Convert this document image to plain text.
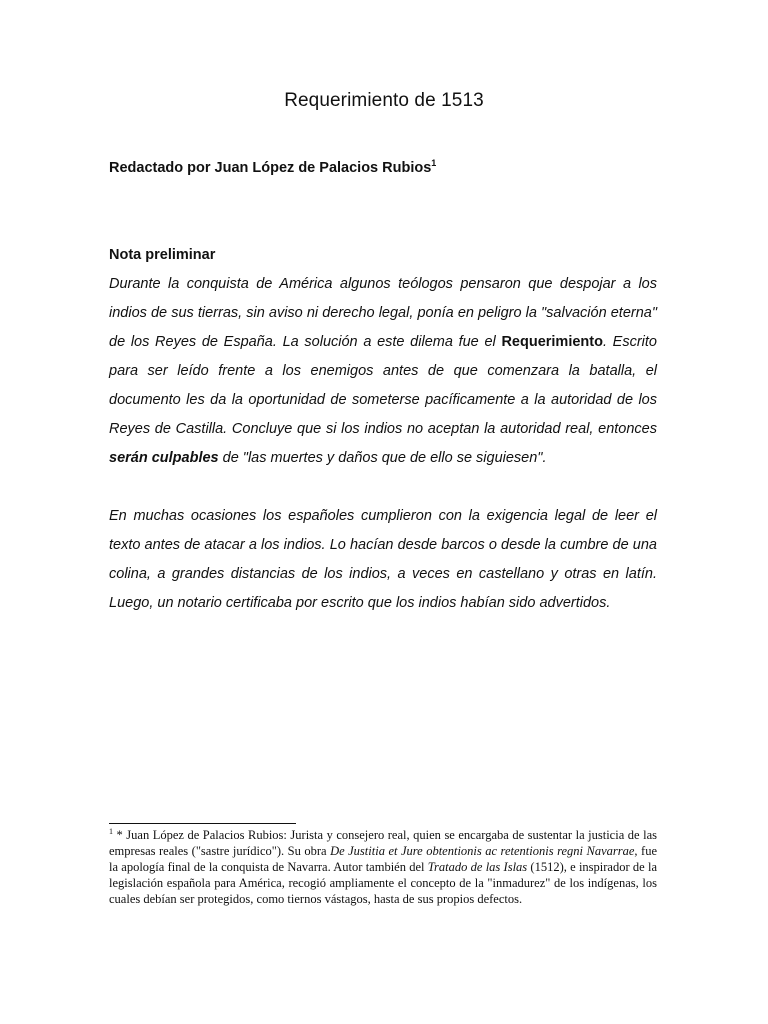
Requerimiento de 1513
Redactado por Juan López de Palacios Rubios$^1$
Nota preliminar

Durante la conquista de América algunos teólogos pensaron que despojar a los indios de sus tierras, sin aviso ni derecho legal, ponía en peligro la "salvación eterna" de los Reyes de España. La solución a este dilema fue el Requerimiento. Escrito para ser leído frente a los enemigos antes de que comenzara la batalla, el documento les da la oportunidad de someterse pacíficamente a la autoridad de los Reyes de Castilla. Concluye que si los indios no aceptan la autoridad real, entonces serán culpables de "las muertes y daños que de ello se siguiesen".

En muchas ocasiones los españoles cumplieron con la exigencia legal de leer el texto antes de atacar a los indios. Lo hacían desde barcos o desde la cumbre de una colina, a grandes distancias de los indios, a veces en castellano y otras en latín. Luego, un notario certificaba por escrito que los indios habían sido advertidos.

$^1$ * Juan López de Palacios Rubios: Jurista y consejero real, quien se encargaba de sustentar la justicia de las empresas reales ("sastre jurídico"). Su obra De Justitia et Jure obtentionis ac retentionis regni Navarrae, fue la apología final de la conquista de Navarra. Autor también del Tratado de las Islas (1512), e inspirador de la legislación española para América, recogió ampliamente el concepto de la "inmadurez" de los indígenas, los cuales debían ser protegidos, como tiernos vástagos, hasta de sus propios defectos.
